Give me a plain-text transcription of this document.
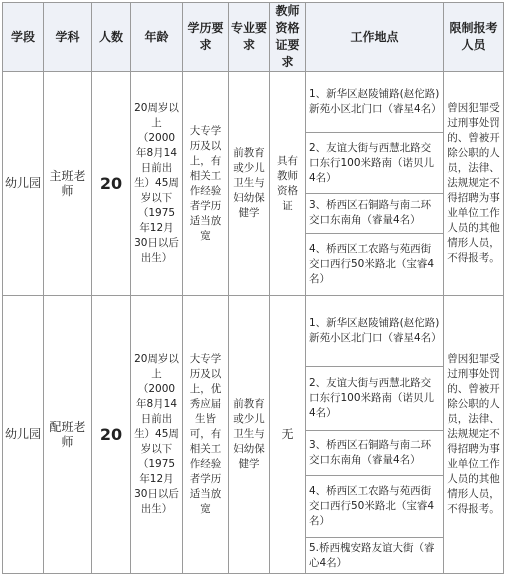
学段	学科	人数	年龄	学历要求	专业要求	教师资格证要求	工作地点	限制报考人员
幼儿园	主班老师	20	20周岁以上（2000年8月14日前出生）45周岁以下（1975年12月30日以后出生）	大专学历及以上，有相关工作经验者学历适当放宽	前教育或少儿卫生与妇幼保健学	具有教师资格证	1、新华区赵陵铺路(赵佗路)新苑小区北门口（睿星4名）	曾因犯罪受过刑事处罚的、曾被开除公职的人员，法律、法规规定不得招聘为事业单位工作人员的其他情形人员，不得报考。
							2、友谊大街与西慧北路交口东行100米路南（诺贝儿4名）	
							3、桥西区石铜路与南二环交口东南角（睿量4名）	
							4、桥西区工农路与苑西街交口西行50米路北（宝睿4名）	
幼儿园	配班老师	20	20周岁以上（2000年8月14日前出生）45周岁以下（1975年12月30日以后出生）	大专学历及以上，优秀应届生皆可，有相关工作经验者学历适当放宽	前教育或少儿卫生与妇幼保健学	无	1、新华区赵陵铺路(赵佗路)新苑小区北门口（睿星4名）	曾因犯罪受过刑事处罚的、曾被开除公职的人员，法律、法规规定不得招聘为事业单位工作人员的其他情形人员，不得报考。
							2、友谊大街与西慧北路交口东行100米路南（诺贝儿4名）	
							3、桥西区石铜路与南二环交口东南角（睿量4名）	
							4、桥西区工农路与苑西街交口西行50米路北（宝睿4名）	
							5.桥西槐安路友谊大街（睿心4名）	
